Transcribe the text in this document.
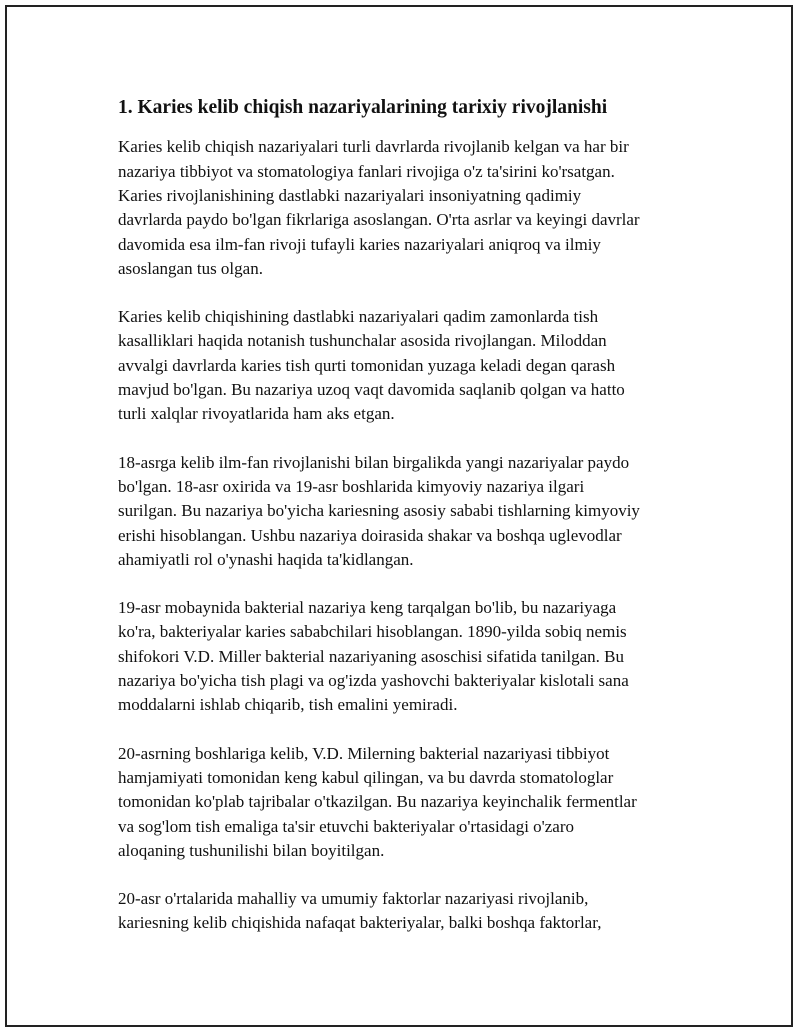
1. Karies kelib chiqish nazariyalarining tarixiy rivojlanishi

Karies kelib chiqish nazariyalari turli davrlarda rivojlanib kelgan va har bir
nazariya tibbiyot va stomatologiya fanlari rivojiga o'z ta'sirini ko'rsatgan.
Karies rivojlanishining dastlabki nazariyalari insoniyatning qadimiy
davrlarda paydo bo'lgan fikrlariga asoslangan. O'rta asrlar va keyingi davrlar
davomida esa ilm-fan rivoji tufayli karies nazariyalari aniqroq va ilmiy
asoslangan tus olgan.

Karies kelib chiqishining dastlabki nazariyalari qadim zamonlarda tish
kasalliklari haqida notanish tushunchalar asosida rivojlangan. Miloddan
avvalgi davrlarda karies tish qurti tomonidan yuzaga keladi degan qarash
mavjud bo'lgan. Bu nazariya uzoq vaqt davomida saqlanib qolgan va hatto
turli xalqlar rivoyatlarida ham aks etgan.

18-asrga kelib ilm-fan rivojlanishi bilan birgalikda yangi nazariyalar paydo
bo'lgan. 18-asr oxirida va 19-asr boshlarida kimyoviy nazariya ilgari
surilgan. Bu nazariya bo'yicha kariesning asosiy sababi tishlarning kimyoviy
erishi hisoblangan. Ushbu nazariya doirasida shakar va boshqa uglevodlar
ahamiyatli rol o'ynashi haqida ta'kidlangan.

19-asr mobaynida bakterial nazariya keng tarqalgan bo'lib, bu nazariyaga
ko'ra, bakteriyalar karies sababchilari hisoblangan. 1890-yilda sobiq nemis
shifokori V.D. Miller bakterial nazariyaning asoschisi sifatida tanilgan. Bu
nazariya bo'yicha tish plagi va og'izda yashovchi bakteriyalar kislotali sana
moddalarni ishlab chiqarib, tish emalini yemiradi.

20-asrning boshlariga kelib, V.D. Milerning bakterial nazariyasi tibbiyot
hamjamiyati tomonidan keng kabul qilingan, va bu davrda stomatologlar
tomonidan ko'plab tajribalar o'tkazilgan. Bu nazariya keyinchalik fermentlar
va sog'lom tish emaliga ta'sir etuvchi bakteriyalar o'rtasidagi o'zaro
aloqaning tushunilishi bilan boyitilgan.

20-asr o'rtalarida mahalliy va umumiy faktorlar nazariyasi rivojlanib,
kariesning kelib chiqishida nafaqat bakteriyalar, balki boshqa faktorlar,
